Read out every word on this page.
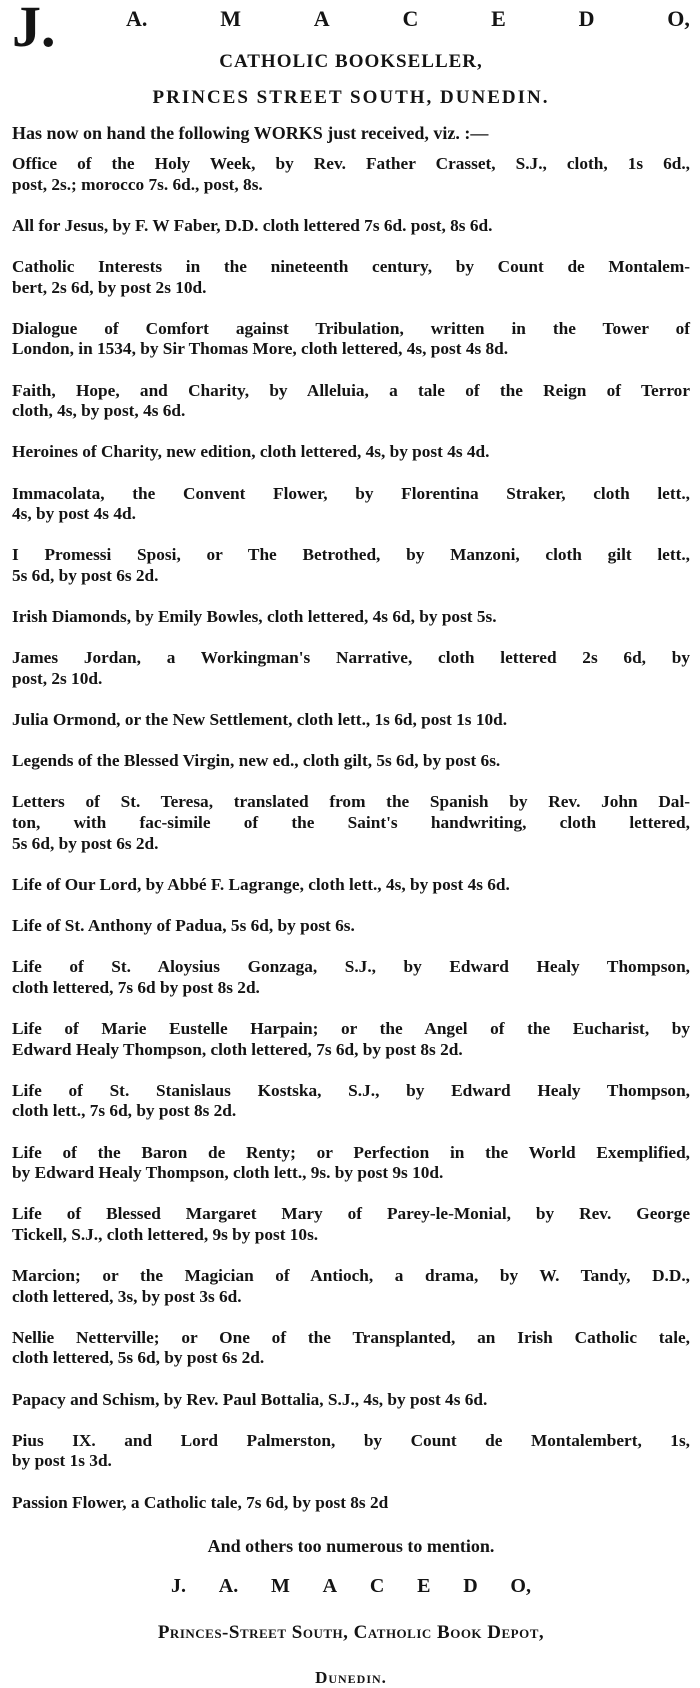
J.	A.	M	A	C	E	D	O,
CATHOLIC BOOKSELLER,
PRINCES STREET SOUTH, DUNEDIN.
Has now on hand the following WORKS just received, viz. :—

Office of the Holy Week, by Rev. Father Crasset, S.J., cloth, 1s 6d.,
post, 2s.; morocco 7s. 6d., post, 8s.

All for Jesus, by F. W Faber, D.D. cloth lettered 7s 6d. post, 8s 6d.

Catholic Interests in the nineteenth century, by Count de Montalem-
bert, 2s 6d, by post 2s 10d.

Dialogue of Comfort against Tribulation, written in the Tower of
London, in 1534, by Sir Thomas More, cloth lettered, 4s, post 4s 8d.

Faith, Hope, and Charity, by Alleluia, a tale of the Reign of Terror
cloth, 4s, by post, 4s 6d.

Heroines of Charity, new edition, cloth lettered, 4s, by post 4s 4d.

Immacolata, the Convent Flower, by Florentina Straker, cloth lett.,
4s, by post 4s 4d.

I Promessi Sposi, or The Betrothed, by Manzoni, cloth gilt lett.,
5s 6d, by post 6s 2d.

Irish Diamonds, by Emily Bowles, cloth lettered, 4s 6d, by post 5s.

James Jordan, a Workingman's Narrative, cloth lettered 2s 6d, by
post, 2s 10d.

Julia Ormond, or the New Settlement, cloth lett., 1s 6d, post 1s 10d.

Legends of the Blessed Virgin, new ed., cloth gilt, 5s 6d, by post 6s.

Letters of St. Teresa, translated from the Spanish by Rev. John Dal-
ton, with fac-simile of the Saint's handwriting, cloth lettered,
5s 6d, by post 6s 2d.

Life of Our Lord, by Abbé F. Lagrange, cloth lett., 4s, by post 4s 6d.

Life of St. Anthony of Padua, 5s 6d, by post 6s.

Life of St. Aloysius Gonzaga, S.J., by Edward Healy Thompson,
cloth lettered, 7s 6d by post 8s 2d.

Life of Marie Eustelle Harpain; or the Angel of the Eucharist, by
Edward Healy Thompson, cloth lettered, 7s 6d, by post 8s 2d.

Life of St. Stanislaus Kostska, S.J., by Edward Healy Thompson,
cloth lett., 7s 6d, by post 8s 2d.

Life of the Baron de Renty; or Perfection in the World Exemplified,
by Edward Healy Thompson, cloth lett., 9s. by post 9s 10d.

Life of Blessed Margaret Mary of Parey-le-Monial, by Rev. George
Tickell, S.J., cloth lettered, 9s by post 10s.

Marcion; or the Magician of Antioch, a drama, by W. Tandy, D.D.,
cloth lettered, 3s, by post 3s 6d.

Nellie Netterville; or One of the Transplanted, an Irish Catholic tale,
cloth lettered, 5s 6d, by post 6s 2d.

Papacy and Schism, by Rev. Paul Bottalia, S.J., 4s, by post 4s 6d.

Pius IX. and Lord Palmerston, by Count de Montalembert, 1s,
by post 1s 3d.

Passion Flower, a Catholic tale, 7s 6d, by post 8s 2d

And others too numerous to mention.
J. A. M A C E D O,
Princes-Street South, Catholic Book Depot,
Dunedin.
